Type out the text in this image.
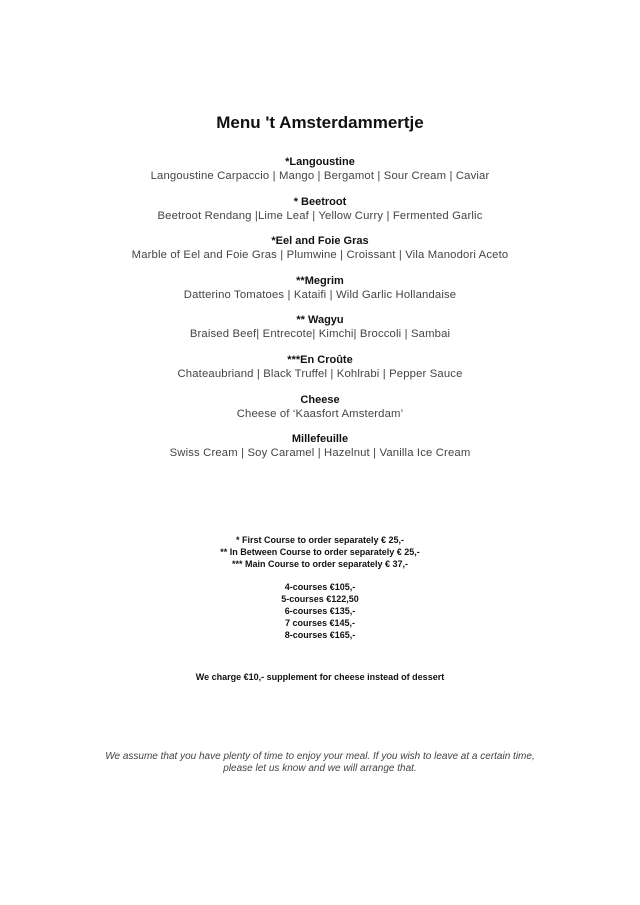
Menu 't Amsterdammertje
*Langoustine
Langoustine Carpaccio | Mango | Bergamot | Sour Cream | Caviar
* Beetroot
Beetroot Rendang |Lime Leaf | Yellow Curry | Fermented Garlic
*Eel and Foie Gras
Marble of Eel and Foie Gras | Plumwine | Croissant | Vila Manodori Aceto
**Megrim
Datterino Tomatoes | Kataifi | Wild Garlic Hollandaise
** Wagyu
Braised Beef| Entrecote| Kimchi| Broccoli | Sambai
***En Croûte
Chateaubriand | Black Truffel | Kohlrabi | Pepper Sauce
Cheese
Cheese of ‘Kaasfort Amsterdam’
Millefeuille
Swiss Cream | Soy Caramel | Hazelnut | Vanilla Ice Cream
* First Course to order separately € 25,-
** In Between Course to order separately € 25,-
*** Main Course to order separately € 37,-
4-courses €105,-
5-courses €122,50
6-courses €135,-
7 courses €145,-
8-courses €165,-
We charge €10,- supplement for cheese instead of dessert
We assume that you have plenty of time to enjoy your meal. If you wish to leave at a certain time,
please let us know and we will arrange that.
